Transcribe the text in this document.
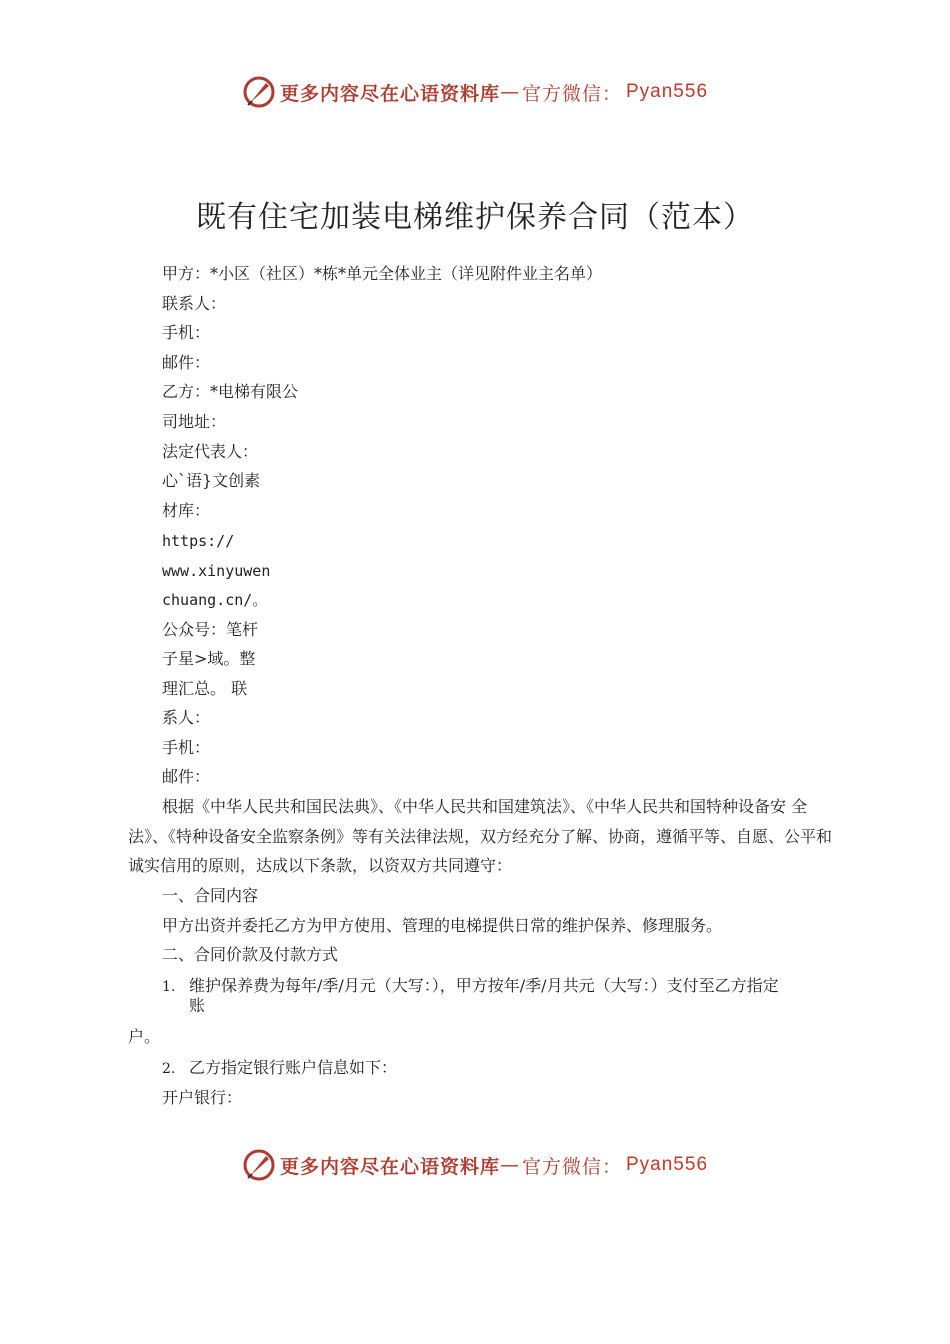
更多内容尽在心语资料库 — 官方微信： Pyan556
既有住宅加装电梯维护保养合同（范本）
甲方：*小区（社区）*栋*单元全体业主（详见附件业主名单）
联系人：
手机：
邮件：
乙方：*电梯有限公
司地址：
法定代表人：
心`语}文创素
材库：
https://
www.xinyuwen
chuang.cn/。
公众号：笔杆
子星>域。整
理汇总。 联
系人：
手机：
邮件：
根据《中华人民共和国民法典》、《中华人民共和国建筑法》、《中华人民共和国特种设备安 全
法》、《特种设备安全监察条例》等有关法律法规，双方经充分了解、协商，遵循平等、自愿、公平和
诚实信用的原则，达成以下条款，以资双方共同遵守：
一、合同内容
甲方出资并委托乙方为甲方使用、管理的电梯提供日常的维护保养、修理服务。
二、合同价款及付款方式
1. 维护保养费为每年/季/月元（大写：），甲方按年/季/月共元（大写：）支付至乙方指定
账
户。
2. 乙方指定银行账户信息如下：
开户银行：
更多内容尽在心语资料库 — 官方微信： Pyan556
